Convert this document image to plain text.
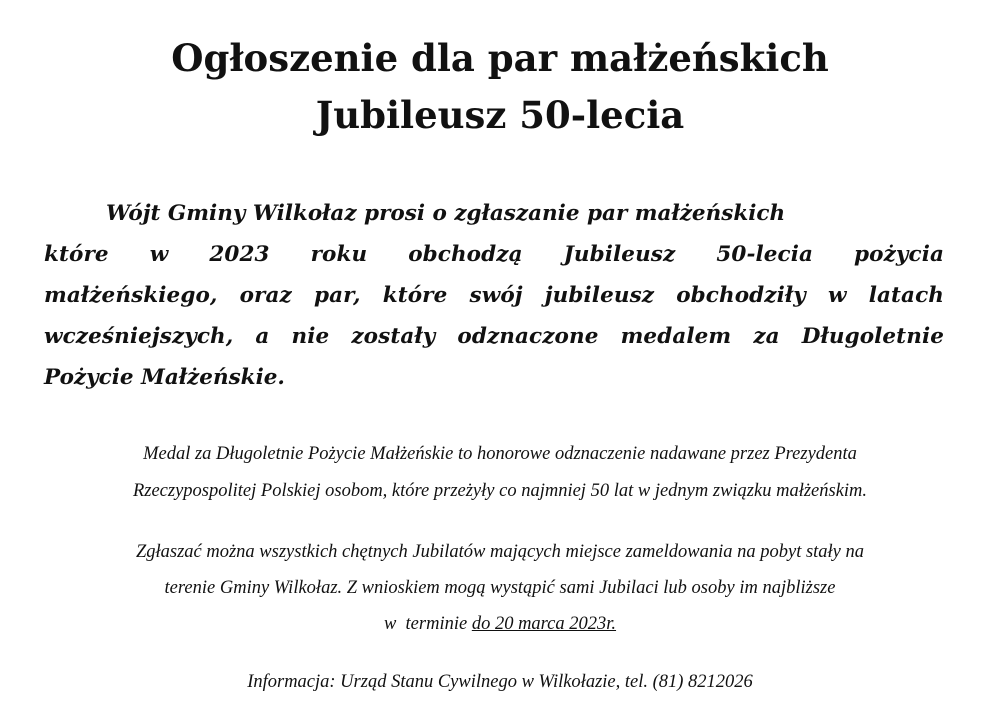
Ogłoszenie dla par małżeńskich
Jubileusz 50-lecia
Wójt Gminy Wilkołaz prosi o zgłaszanie par małżeńskich
które w 2023 roku obchodzą Jubileusz 50-lecia pożycia
małżeńskiego, oraz par, które swój jubileusz obchodziły w latach
wcześniejszych, a nie zostały odznaczone medalem za Długoletnie
Pożycie Małżeńskie.
Medal za Długoletnie Pożycie Małżeńskie to honorowe odznaczenie nadawane przez Prezydenta
Rzeczypospolitej Polskiej osobom, które przeżyły co najmniej 50 lat w jednym związku małżeńskim.
Zgłaszać można wszystkich chętnych Jubilatów mających miejsce zameldowania na pobyt stały na
terenie Gminy Wilkołaz. Z wnioskiem mogą wystąpić sami Jubilaci lub osoby im najbliższe
w  terminie do 20 marca 2023r.
Informacja: Urząd Stanu Cywilnego w Wilkołazie, tel. (81) 8212026
